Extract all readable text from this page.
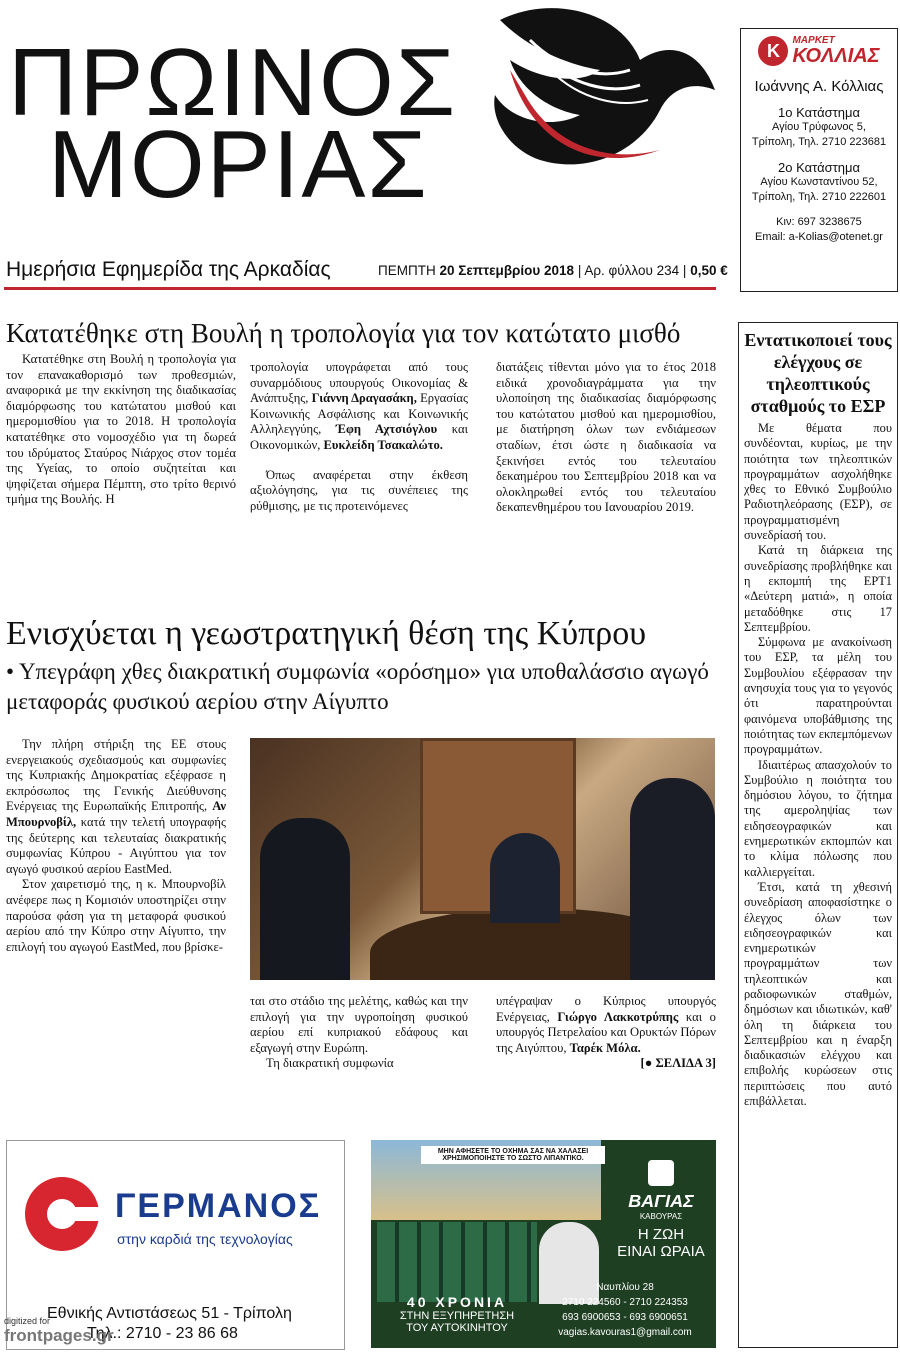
ΠΡΩΙΝΟΣ
ΜΟΡΙΑΣ
Ημερήσια Εφημερίδα της Αρκαδίας	ΠΕΜΠΤΗ 20 Σεπτεμβρίου 2018 | Αρ. φύλλου 234 | 0,50 €
K	ΜΑΡΚΕΤ
ΚΟΛΛΙΑΣ
Ιωάννης Α. Κόλλιας
1ο Κατάστημα
Αγίου Τρύφωνος 5,
Τρίπολη, Τηλ. 2710 223681
2ο Κατάστημα
Αγίου Κωνσταντίνου 52,
Τρίπολη, Τηλ. 2710 222601
Κιν: 697 3238675
Email: a-Kolias@otenet.gr
Κατατέθηκε στη Βουλή η τροπολογία για τον κατώτατο μισθό

Κατατέθηκε στη Βουλή η τροπολογία για τον επανακαθορισμό των προθεσμιών, αναφορικά με την εκκίνηση της διαδικασίας διαμόρφωσης του κατώτατου μισθού και ημερομισθίου για το 2018. Η τροπολογία κατατέθηκε στο νομοσχέδιο για τη δωρεά του ιδρύματος Σταύρος Νιάρχος στον τομέα της Υγείας, το οποίο συζητείται και ψηφίζεται σήμερα Πέμπτη, στο τρίτο θερινό τμήμα της Βουλής. Η

τροπολογία υπογράφεται από τους συναρμόδιους υπουργούς Οικονομίας & Ανάπτυξης, Γιάννη Δραγασάκη, Εργασίας Κοινωνικής Ασφάλισης και Κοινωνικής Αλληλεγγύης, Έφη Αχτσιόγλου και Οικονομικών, Ευκλείδη Τσακαλώτο.

Όπως αναφέρεται στην έκθεση αξιολόγησης, για τις συνέπειες της ρύθμισης, με τις προτεινόμενες

διατάξεις τίθενται μόνο για το έτος 2018 ειδικά χρονοδιαγράμματα για την υλοποίηση της διαδικασίας διαμόρφωσης του κατώτατου μισθού και ημερομισθίου, με διατήρηση όλων των ενδιάμεσων σταδίων, έτσι ώστε η διαδικασία να ξεκινήσει εντός του τελευταίου δεκαημέρου του Σεπτεμβρίου 2018 και να ολοκληρωθεί εντός του τελευταίου δεκαπενθημέρου του Ιανουαρίου 2019.

Εντατικοποιεί τους ελέγχους σε τηλεοπτικούς σταθμούς το ΕΣΡ

Με θέματα που συνδέονται, κυρίως, με την ποιότητα των τηλεοπτικών προγραμμάτων ασχολήθηκε χθες το Εθνικό Συμβούλιο Ραδιοτηλεόρασης (ΕΣΡ), σε προγραμματισμένη συνεδρίασή του.

Κατά τη διάρκεια της συνεδρίασης προβλήθηκε και η εκπομπή της ΕΡΤ1 «Δεύτερη ματιά», η οποία μεταδόθηκε στις 17 Σεπτεμβρίου.

Σύμφωνα με ανακοίνωση του ΕΣΡ, τα μέλη του Συμβουλίου εξέφρασαν την ανησυχία τους για το γεγονός ότι παρατηρούνται φαινόμενα υποβάθμισης της ποιότητας των εκπεμπόμενων προγραμμάτων.

Ιδιαιτέρως απασχολούν το Συμβούλιο η ποιότητα του δημόσιου λόγου, το ζήτημα της αμεροληψίας των ειδησεογραφικών και ενημερωτικών εκπομπών και το κλίμα πόλωσης που καλλιεργείται.

Έτσι, κατά τη χθεσινή συνεδρίαση αποφασίστηκε ο έλεγχος όλων των ειδησεογραφικών και ενημερωτικών προγραμμάτων των τηλεοπτικών και ραδιοφωνικών σταθμών, δημόσιων και ιδιωτικών, καθ' όλη τη διάρκεια του Σεπτεμβρίου και η έναρξη διαδικασιών ελέγχου και επιβολής κυρώσεων στις περιπτώσεις που αυτό επιβάλλεται.

Ενισχύεται η γεωστρατηγική θέση της Κύπρου
• Υπεγράφη χθες διακρατική συμφωνία «ορόσημο» για υποθαλάσσιο αγωγό μεταφοράς φυσικού αερίου στην Αίγυπτο

Την πλήρη στήριξη της ΕΕ στους ενεργειακούς σχεδιασμούς και συμφωνίες της Κυπριακής Δημοκρατίας εξέφρασε η εκπρόσωπος της Γενικής Διεύθυνσης Ενέργειας της Ευρωπαϊκής Επιτροπής, Αν Μπουρνοβίλ, κατά την τελετή υπογραφής της δεύτερης και τελευταίας διακρατικής συμφωνίας Κύπρου - Αιγύπτου για τον αγωγό φυσικού αερίου EastMed.

Στον χαιρετισμό της, η κ. Μπουρνοβίλ ανέφερε πως η Κομισιόν υποστηρίζει στην παρούσα φάση για τη μεταφορά φυσικού αερίου από την Κύπρο στην Αίγυπτο, την επιλογή του αγωγού EastMed, που βρίσκε-

ται στο στάδιο της μελέτης, καθώς και την επιλογή για την υγροποίηση φυσικού αερίου επί κυπριακού εδάφους και εξαγωγή στην Ευρώπη.

Τη διακρατική συμφωνία

υπέγραψαν ο Κύπριος υπουργός Ενέργειας, Γιώργο Λακκοτρύπης και ο υπουργός Πετρελαίου και Ορυκτών Πόρων της Αιγύπτου, Ταρέκ Μόλα.
[● ΣΕΛΙΔΑ 3]

ΓΕΡΜΑΝΟΣ
στην καρδιά της τεχνολογίας
Εθνικής Αντιστάσεως 51 - Τρίπολη
Τηλ.: 2710 - 23 86 68
ΜΗΝ ΑΦΗΣΕΤΕ ΤΟ ΟΧΗΜΑ ΣΑΣ ΝΑ ΧΑΛΑΣΕΙ ΧΡΗΣΙΜΟΠΟΙΗΣΤΕ ΤΟ ΣΩΣΤΟ ΛΙΠΑΝΤΙΚΟ.
ΒΑΓΙΑΣ
ΚΑΒΟΥΡΑΣ
Η ΖΩΗ
ΕΙΝΑΙ ΩΡΑΙΑ
40 ΧΡΟΝΙΑ
ΣΤΗΝ ΕΞΥΠΗΡΕΤΗΣΗ
ΤΟΥ ΑΥΤΟΚΙΝΗΤΟΥ
Ναυπλίου 28
2710 224560 - 2710 224353
693 6900653 - 693 6900651
vagias.kavouras1@gmail.com
digitized for
frontpages.gr
